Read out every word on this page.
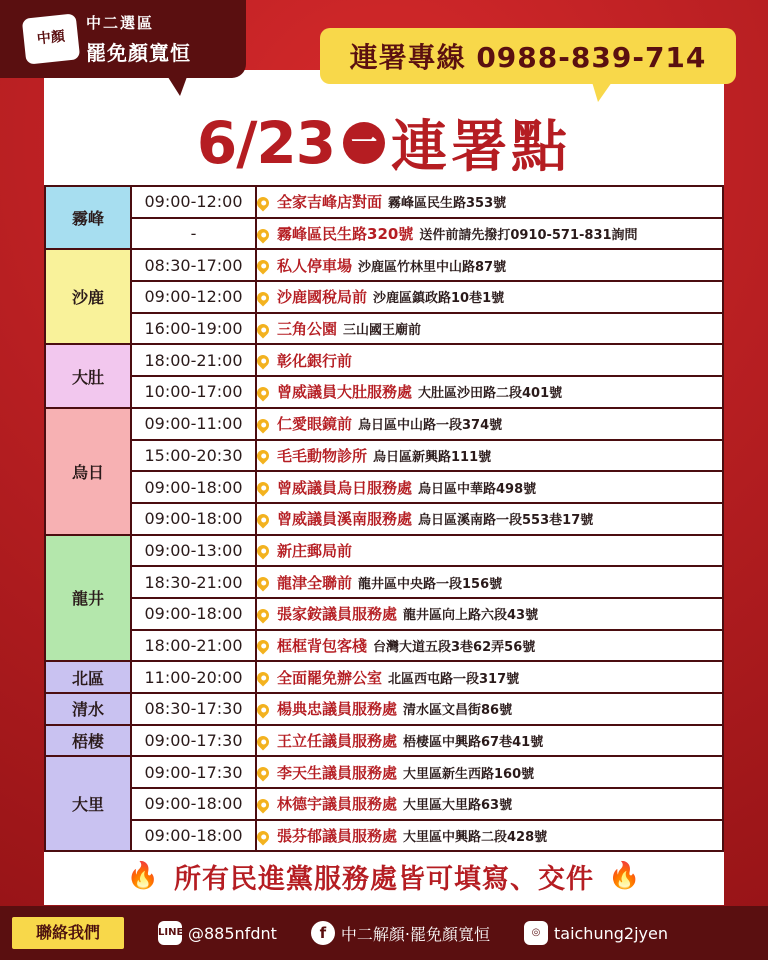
中顏
中二選區
罷免顏寬恒	連署專線 0988-839-714
6/23 一 連署點
霧峰	09:00-12:00	全家吉峰店對面 霧峰區民生路353號
	-	霧峰區民生路320號 送件前請先撥打0910-571-831詢問
沙鹿	08:30-17:00	私人停車場 沙鹿區竹林里中山路87號
	09:00-12:00	沙鹿國稅局前 沙鹿區鎮政路10巷1號
	16:00-19:00	三角公園 三山國王廟前
大肚	18:00-21:00	彰化銀行前
	10:00-17:00	曾威議員大肚服務處 大肚區沙田路二段401號
烏日	09:00-11:00	仁愛眼鏡前 烏日區中山路一段374號
	15:00-20:30	毛毛動物診所 烏日區新興路111號
	09:00-18:00	曾威議員烏日服務處 烏日區中華路498號
	09:00-18:00	曾威議員溪南服務處 烏日區溪南路一段553巷17號
龍井	09:00-13:00	新庄郵局前
	18:30-21:00	龍津全聯前 龍井區中央路一段156號
	09:00-18:00	張家銨議員服務處 龍井區向上路六段43號
	18:00-21:00	框框背包客棧 台灣大道五段3巷62弄56號
北區	11:00-20:00	全面罷免辦公室 北區西屯路一段317號
清水	08:30-17:30	楊典忠議員服務處 清水區文昌街86號
梧棲	09:00-17:30	王立任議員服務處 梧棲區中興路67巷41號
大里	09:00-17:30	李天生議員服務處 大里區新生西路160號
	09:00-18:00	林德宇議員服務處 大里區大里路63號
	09:00-18:00	張芬郁議員服務處 大里區中興路二段428號
🔥 所有民進黨服務處皆可填寫、交件 🔥
聯絡我們	LINE @885nfdnt	f 中二解顏‧罷免顏寬恒	◎ taichung2jyen
